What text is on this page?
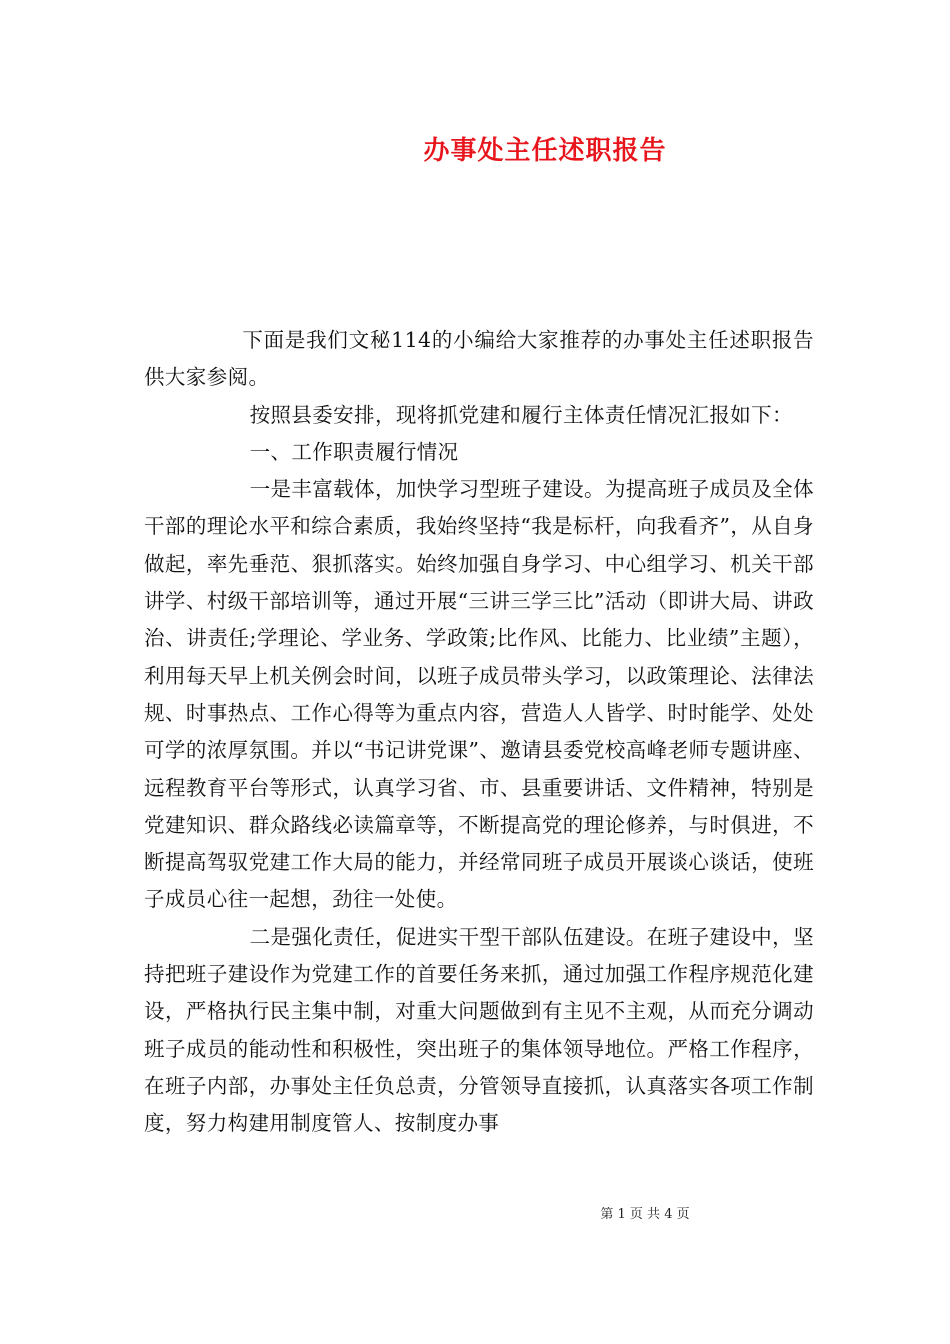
办事处主任述职报告

下面是我们文秘114的小编给大家推荐的办事处主任述职报告供大家参阅。

按照县委安排，现将抓党建和履行主体责任情况汇报如下：

一、工作职责履行情况

一是丰富载体，加快学习型班子建设。为提高班子成员及全体干部的理论水平和综合素质，我始终坚持“我是标杆，向我看齐”，从自身做起，率先垂范、狠抓落实。始终加强自身学习、中心组学习、机关干部讲学、村级干部培训等，通过开展“三讲三学三比”活动（即讲大局、讲政治、讲责任;学理论、学业务、学政策;比作风、比能力、比业绩”主题），利用每天早上机关例会时间，以班子成员带头学习，以政策理论、法律法规、时事热点、工作心得等为重点内容，营造人人皆学、时时能学、处处可学的浓厚氛围。并以“书记讲党课”、邀请县委党校高峰老师专题讲座、远程教育平台等形式，认真学习省、市、县重要讲话、文件精神，特别是党建知识、群众路线必读篇章等，不断提高党的理论修养，与时俱进，不断提高驾驭党建工作大局的能力，并经常同班子成员开展谈心谈话，使班子成员心往一起想，劲往一处使。

二是强化责任，促进实干型干部队伍建设。在班子建设中，坚持把班子建设作为党建工作的首要任务来抓，通过加强工作程序规范化建设，严格执行民主集中制，对重大问题做到有主见不主观，从而充分调动班子成员的能动性和积极性，突出班子的集体领导地位。严格工作程序，在班子内部，办事处主任负总责，分管领导直接抓，认真落实各项工作制度，努力构建用制度管人、按制度办事

第 1 页 共 4 页
